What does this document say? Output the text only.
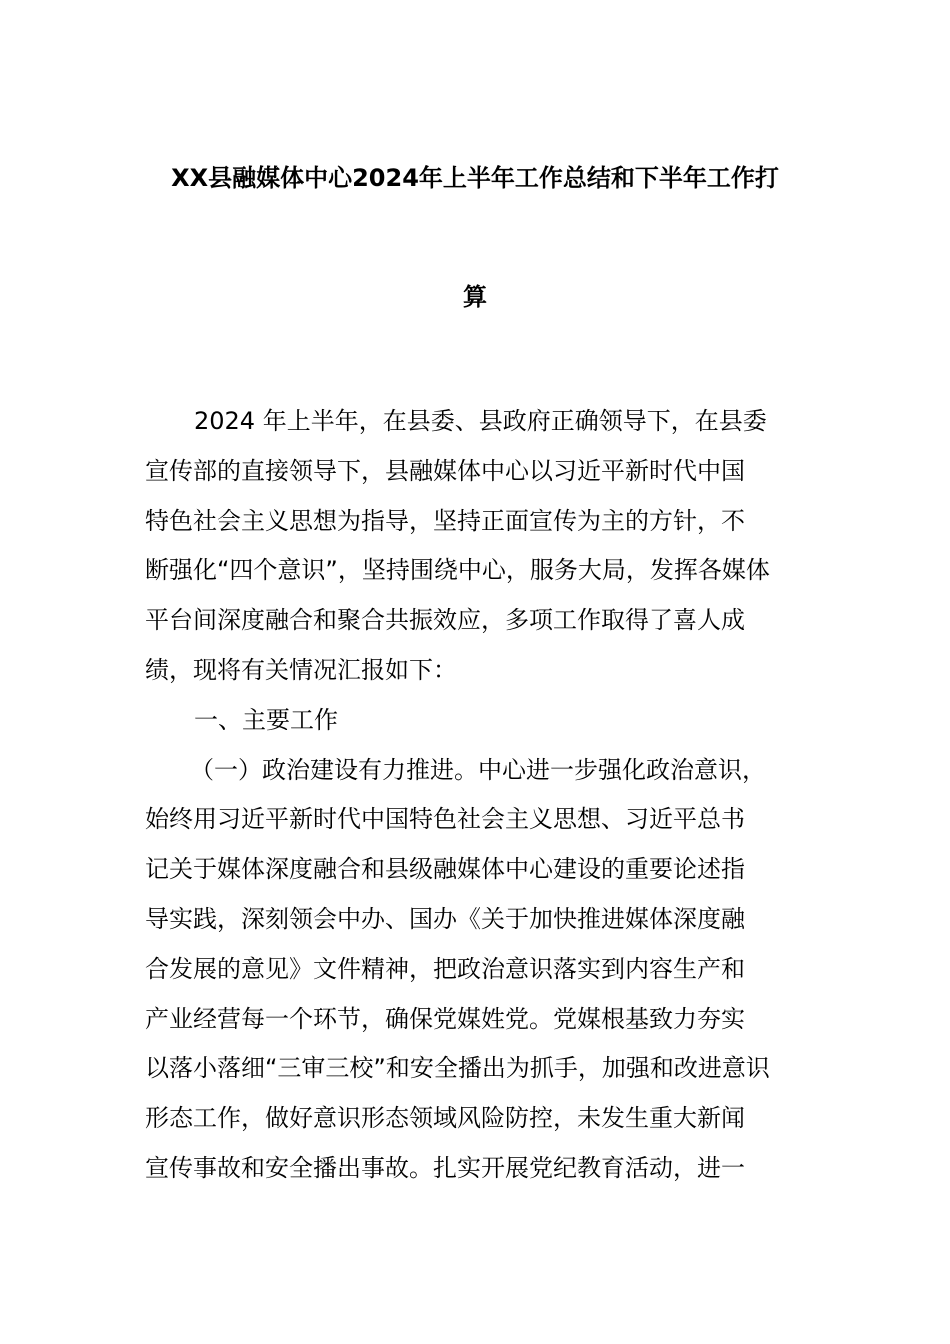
XX县融媒体中心2024年上半年工作总结和下半年工作打
算
2024 年上半年，在县委、县政府正确领导下，在县委
宣传部的直接领导下，县融媒体中心以习近平新时代中国
特色社会主义思想为指导，坚持正面宣传为主的方针，不
断强化“四个意识”，坚持围绕中心，服务大局，发挥各媒体
平台间深度融合和聚合共振效应，多项工作取得了喜人成
绩，现将有关情况汇报如下：
一、主要工作
（一）政治建设有力推进。中心进一步强化政治意识，
始终用习近平新时代中国特色社会主义思想、习近平总书
记关于媒体深度融合和县级融媒体中心建设的重要论述指
导实践，深刻领会中办、国办《关于加快推进媒体深度融
合发展的意见》文件精神，把政治意识落实到内容生产和
产业经营每一个环节，确保党媒姓党。党媒根基致力夯实
以落小落细“三审三校”和安全播出为抓手，加强和改进意识
形态工作，做好意识形态领域风险防控，未发生重大新闻
宣传事故和安全播出事故。扎实开展党纪教育活动，进一
